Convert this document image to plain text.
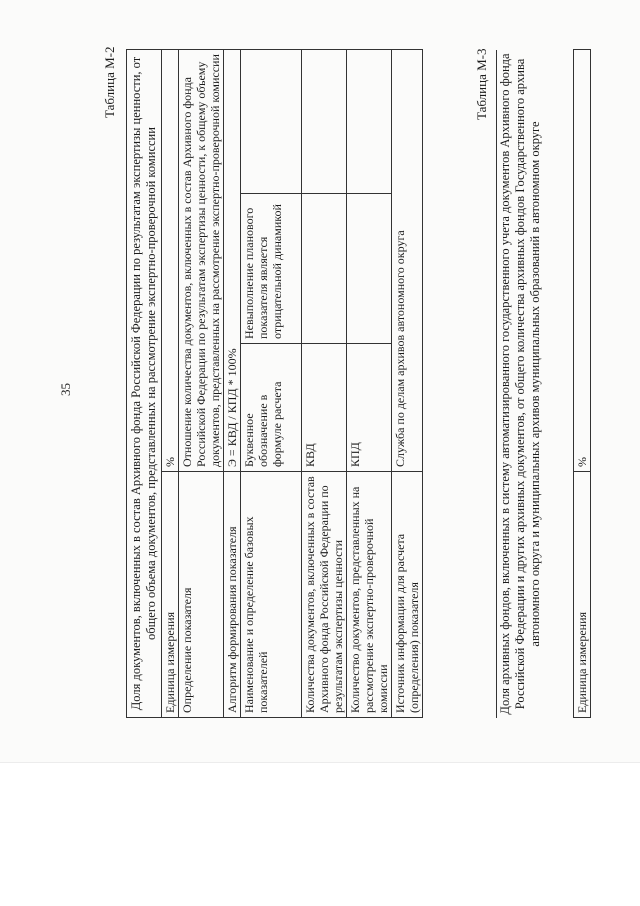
35
Таблица М-2 Доля документов, включенных в состав Архивного фонда Российской Федерации по результатам экспертизы ценности, от общего объема документов, представленных на рассмотрение экспертно-проверочной комиссии			
Единица измерения	%		
Определение показателя	Отношение количества документов, включенных в состав Архивного фонда Российской Федерации по результатам экспертизы ценности, к общему объему документов, представленных на рассмотрение экспертно-проверочной комиссии		
Алгоритм формирования показателя	Э = КВД / КПД * 100%		
Наименование и определение базовых показателей	Буквенное обозначение в формуле расчета	Невыполнение планового показателя является отрицательной динамикой	
Количества документов, включенных в состав Архивного фонда Российской Федерации по результатам экспертизы ценности	КВД		
Количество документов, представленных на рассмотрение экспертно-проверочной комиссии	КПД		
Источник информации для расчета (определения) показателя	Служба по делам архивов автономного округа		
Таблица М-3 Доля архивных фондов, включенных в систему автоматизированного государственного учета документов Архивного фонда Российской Федерации и других архивных документов, от общего количества архивных фондов Государственного архива автономного округа и муниципальных архивов муниципальных образований в автономном округе
Единица измерения	%
